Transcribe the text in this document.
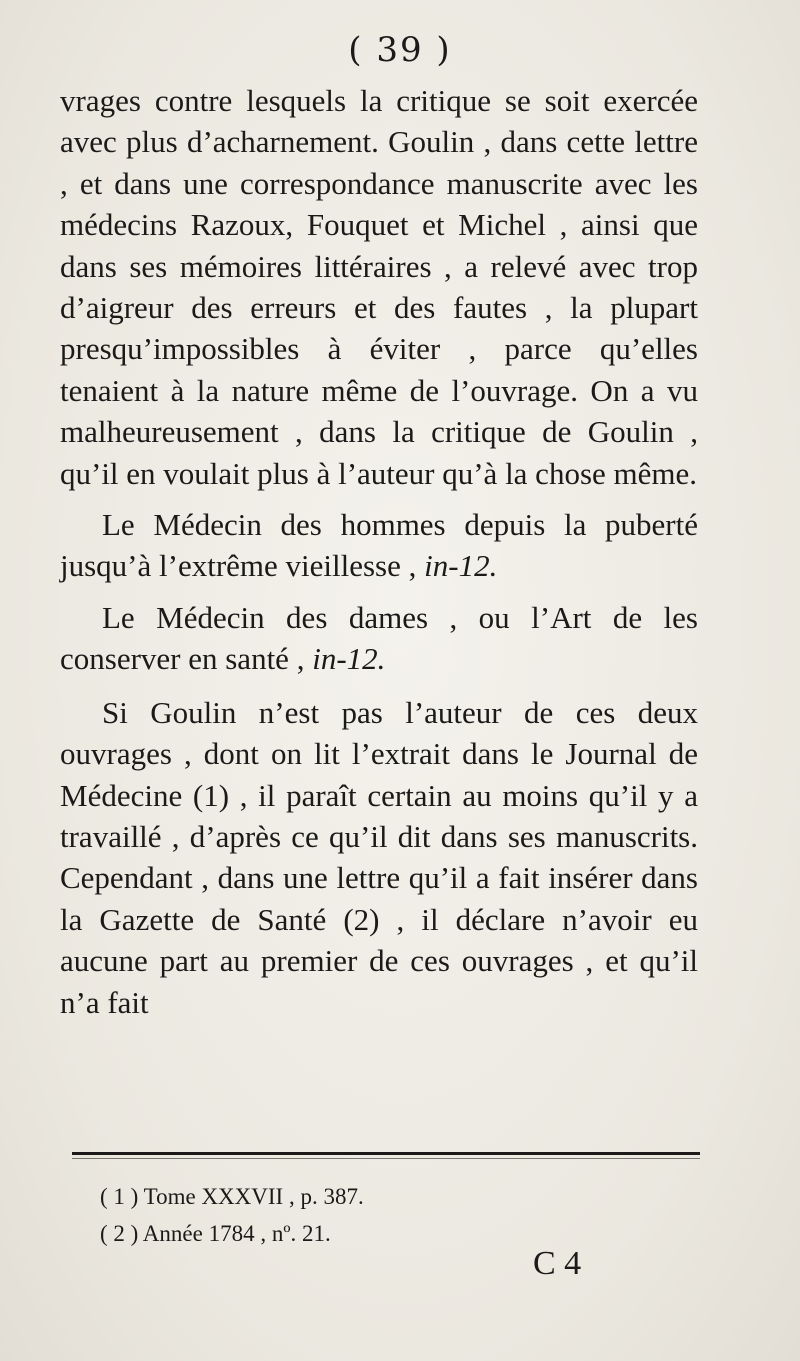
( 39 )

vrages contre lesquels la critique se soit exercée avec plus d’acharnement. Goulin , dans cette lettre , et dans une correspondance manuscrite avec les médecins Razoux, Fouquet et Michel , ainsi que dans ses mémoires littéraires , a relevé avec trop d’aigreur des erreurs et des fautes , la plupart presqu’impossibles à éviter , parce qu’elles tenaient à la nature même de l’ouvrage. On a vu malheureusement , dans la critique de Goulin , qu’il en voulait plus à l’auteur qu’à la chose même.

Le Médecin des hommes depuis la puberté jusqu’à l’extrême vieillesse , in-12.

Le Médecin des dames , ou l’Art de les conserver en santé , in-12.

Si Goulin n’est pas l’auteur de ces deux ouvrages , dont on lit l’extrait dans le Journal de Médecine (1) , il paraît certain au moins qu’il y a travaillé , d’après ce qu’il dit dans ses manuscrits. Cependant , dans une lettre qu’il a fait insérer dans la Gazette de Santé (2) , il déclare n’avoir eu aucune part au premier de ces ouvrages , et qu’il n’a fait

( 1 ) Tome XXXVII , p. 387.
( 2 ) Année 1784 , nº. 21.
C 4
